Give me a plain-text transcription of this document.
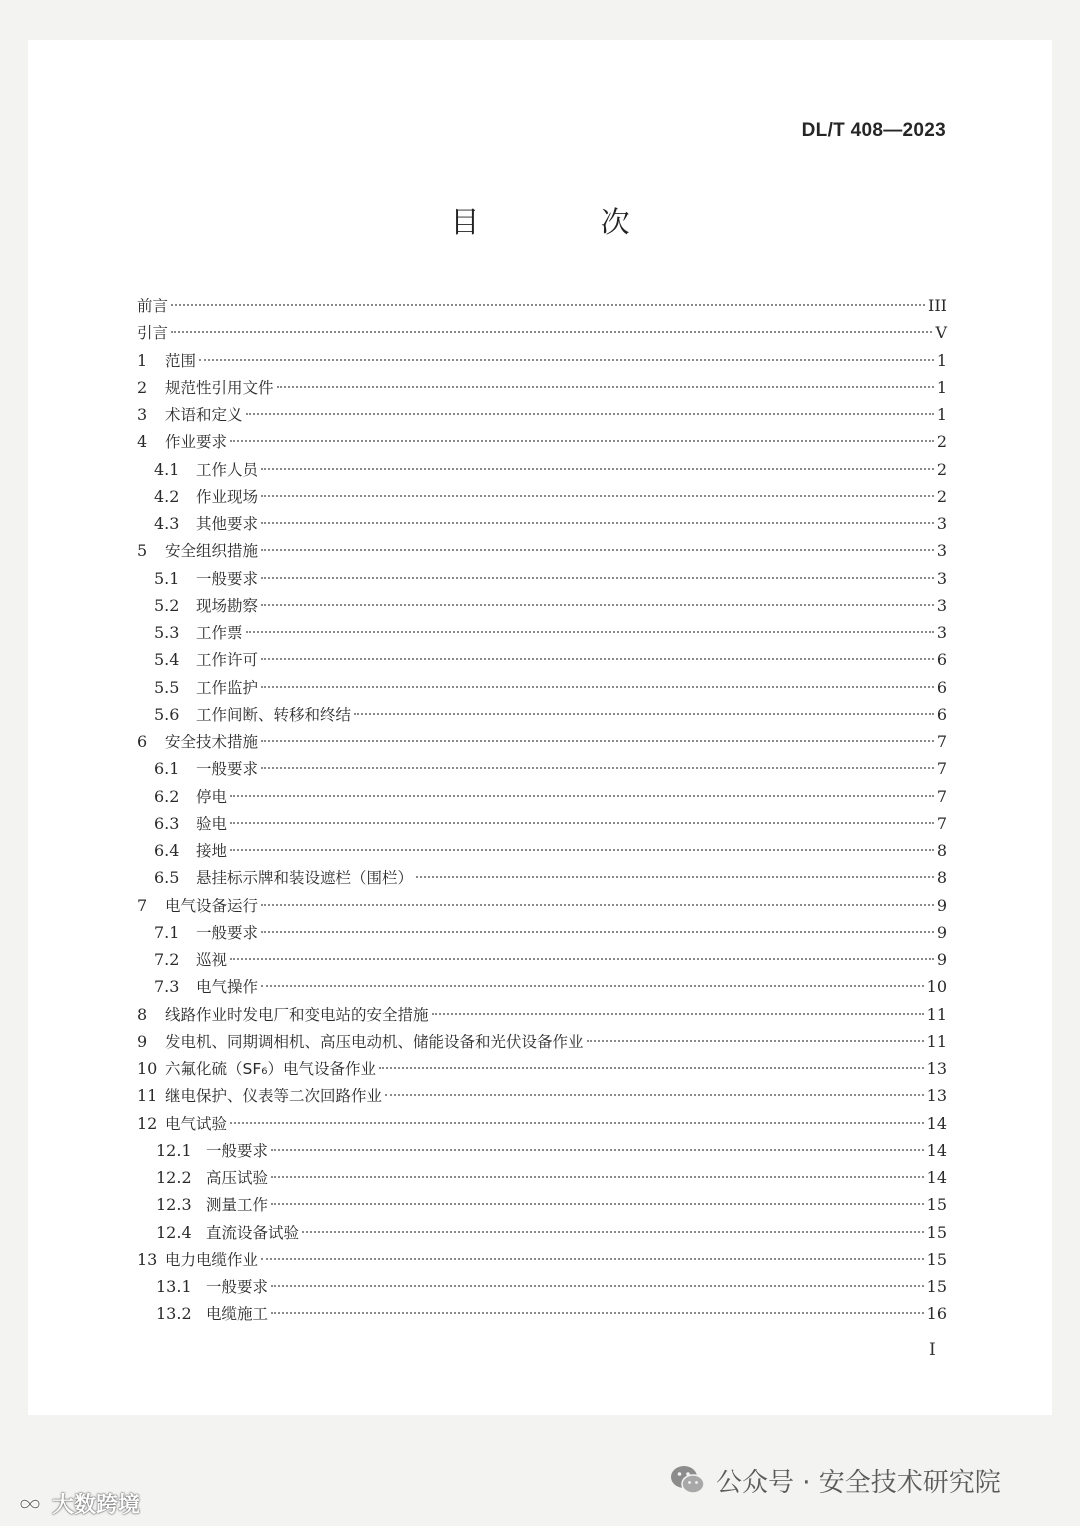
DL/T 408—2023
目 次
前言	III
引言	V
1	范围	1
2	规范性引用文件	1
3	术语和定义	1
4	作业要求	2
4.1	工作人员	2
4.2	作业现场	2
4.3	其他要求	3
5	安全组织措施	3
5.1	一般要求	3
5.2	现场勘察	3
5.3	工作票	3
5.4	工作许可	6
5.5	工作监护	6
5.6	工作间断、转移和终结	6
6	安全技术措施	7
6.1	一般要求	7
6.2	停电	7
6.3	验电	7
6.4	接地	8
6.5	悬挂标示牌和装设遮栏（围栏）	8
7	电气设备运行	9
7.1	一般要求	9
7.2	巡视	9
7.3	电气操作	10
8	线路作业时发电厂和变电站的安全措施	11
9	发电机、同期调相机、高压电动机、储能设备和光伏设备作业	11
10 六氟化硫（SF₆）电气设备作业	13
11 继电保护、仪表等二次回路作业	13
12 电气试验	14
12.1 一般要求	14
12.2 高压试验	14
12.3 测量工作	15
12.4 直流设备试验	15
13 电力电缆作业	15
13.1 一般要求	15
13.2 电缆施工	16
I
公众号 · 安全技术研究院
大数跨境
